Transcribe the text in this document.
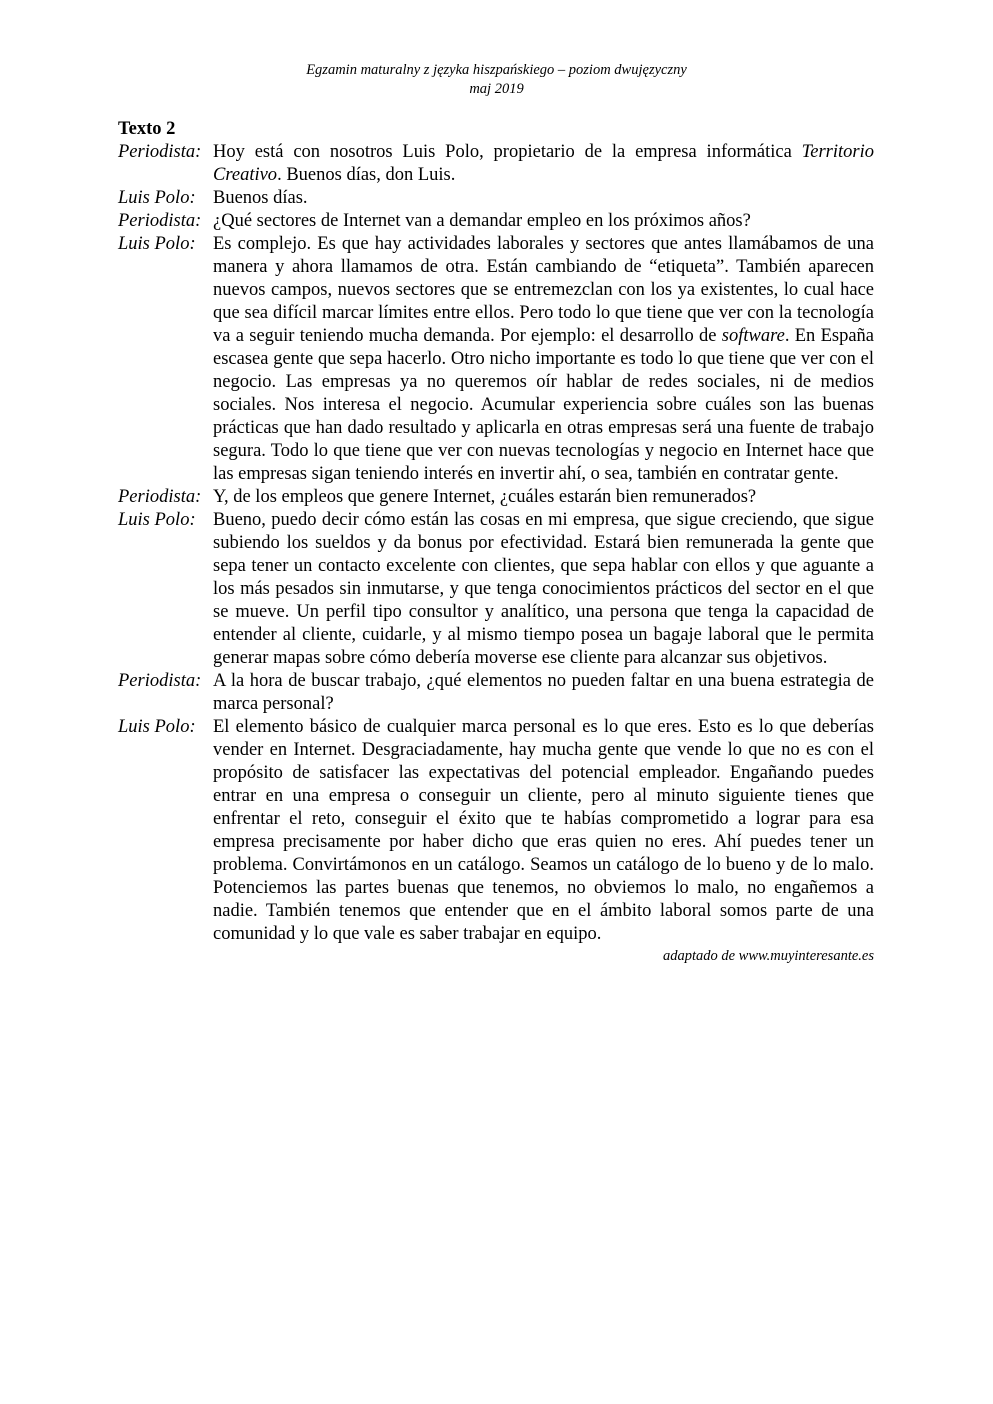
Egzamin maturalny z języka hiszpańskiego – poziom dwujęzyczny
maj 2019
Texto 2
Periodista: Hoy está con nosotros Luis Polo, propietario de la empresa informática Territorio Creativo. Buenos días, don Luis.
Luis Polo: Buenos días.
Periodista: ¿Qué sectores de Internet van a demandar empleo en los próximos años?
Luis Polo: Es complejo. Es que hay actividades laborales y sectores que antes llamábamos de una manera y ahora llamamos de otra. Están cambiando de “etiqueta”. También aparecen nuevos campos, nuevos sectores que se entremezclan con los ya existentes, lo cual hace que sea difícil marcar límites entre ellos. Pero todo lo que tiene que ver con la tecnología va a seguir teniendo mucha demanda. Por ejemplo: el desarrollo de software. En España escasea gente que sepa hacerlo. Otro nicho importante es todo lo que tiene que ver con el negocio. Las empresas ya no queremos oír hablar de redes sociales, ni de medios sociales. Nos interesa el negocio. Acumular experiencia sobre cuáles son las buenas prácticas que han dado resultado y aplicarla en otras empresas será una fuente de trabajo segura. Todo lo que tiene que ver con nuevas tecnologías y negocio en Internet hace que las empresas sigan teniendo interés en invertir ahí, o sea, también en contratar gente.
Periodista: Y, de los empleos que genere Internet, ¿cuáles estarán bien remunerados?
Luis Polo: Bueno, puedo decir cómo están las cosas en mi empresa, que sigue creciendo, que sigue subiendo los sueldos y da bonus por efectividad. Estará bien remunerada la gente que sepa tener un contacto excelente con clientes, que sepa hablar con ellos y que aguante a los más pesados sin inmutarse, y que tenga conocimientos prácticos del sector en el que se mueve. Un perfil tipo consultor y analítico, una persona que tenga la capacidad de entender al cliente, cuidarle, y al mismo tiempo posea un bagaje laboral que le permita generar mapas sobre cómo debería moverse ese cliente para alcanzar sus objetivos.
Periodista: A la hora de buscar trabajo, ¿qué elementos no pueden faltar en una buena estrategia de marca personal?
Luis Polo: El elemento básico de cualquier marca personal es lo que eres. Esto es lo que deberías vender en Internet. Desgraciadamente, hay mucha gente que vende lo que no es con el propósito de satisfacer las expectativas del potencial empleador. Engañando puedes entrar en una empresa o conseguir un cliente, pero al minuto siguiente tienes que enfrentar el reto, conseguir el éxito que te habías comprometido a lograr para esa empresa precisamente por haber dicho que eras quien no eres. Ahí puedes tener un problema. Convirtámonos en un catálogo. Seamos un catálogo de lo bueno y de lo malo. Potenciemos las partes buenas que tenemos, no obviemos lo malo, no engañemos a nadie. También tenemos que entender que en el ámbito laboral somos parte de una comunidad y lo que vale es saber trabajar en equipo.
adaptado de www.muyinteresante.es
